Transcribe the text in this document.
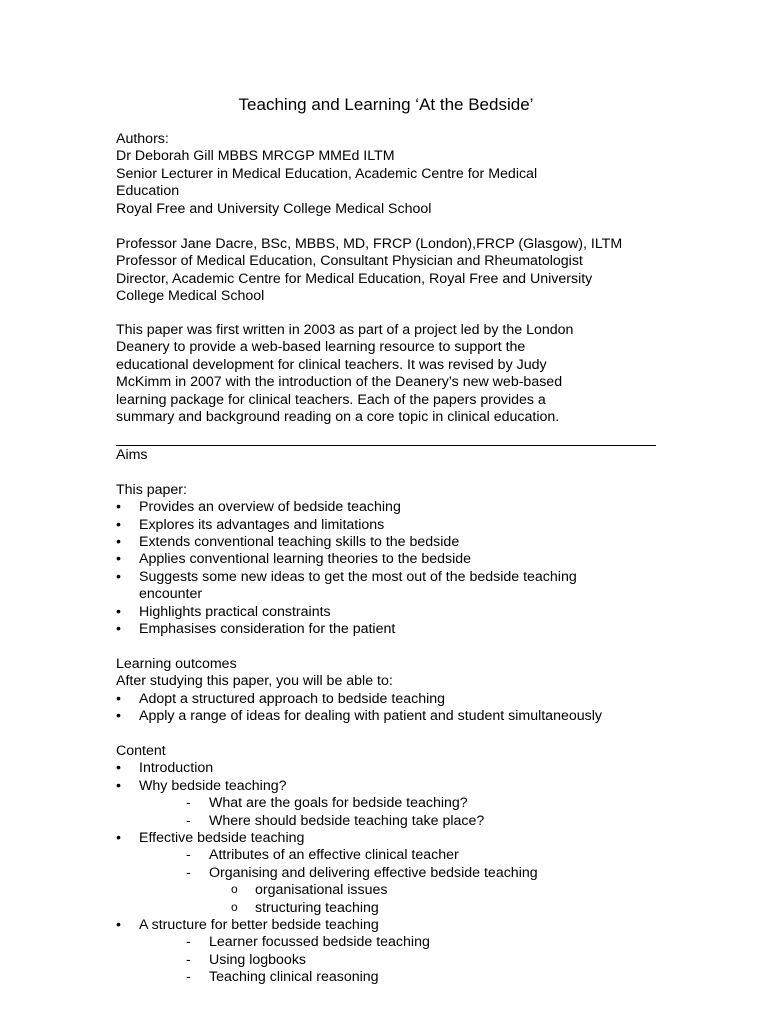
Teaching and Learning ‘At the Bedside’

Authors:

Dr Deborah Gill MBBS MRCGP MMEd ILTM

Senior Lecturer in Medical Education, Academic Centre for Medical

Education

Royal Free and University College Medical School

Professor Jane Dacre, BSc, MBBS, MD, FRCP (London),FRCP (Glasgow), ILTM

Professor of Medical Education, Consultant Physician and Rheumatologist

Director, Academic Centre for Medical Education, Royal Free and University

College Medical School

This paper was first written in 2003 as part of a project led by the London

Deanery to provide a web-based learning resource to support the

educational development for clinical teachers. It was revised by Judy

McKimm in 2007 with the introduction of the Deanery’s new web-based

learning package for clinical teachers. Each of the papers provides a

summary and background reading on a core topic in clinical education.

Aims

This paper:

• Provides an overview of bedside teaching
• Explores its advantages and limitations
• Extends conventional teaching skills to the bedside
• Applies conventional learning theories to the bedside
• Suggests some new ideas to get the most out of the bedside teaching encounter
• Highlights practical constraints
• Emphasises consideration for the patient

Learning outcomes

After studying this paper, you will be able to:

• Adopt a structured approach to bedside teaching
• Apply a range of ideas for dealing with patient and student simultaneously

Content

• Introduction
• Why bedside teaching?
- What are the goals for bedside teaching?
- Where should bedside teaching take place?
• Effective bedside teaching
- Attributes of an effective clinical teacher
- Organising and delivering effective bedside teaching
o organisational issues
o structuring teaching
• A structure for better bedside teaching
- Learner focussed bedside teaching
- Using logbooks
- Teaching clinical reasoning
